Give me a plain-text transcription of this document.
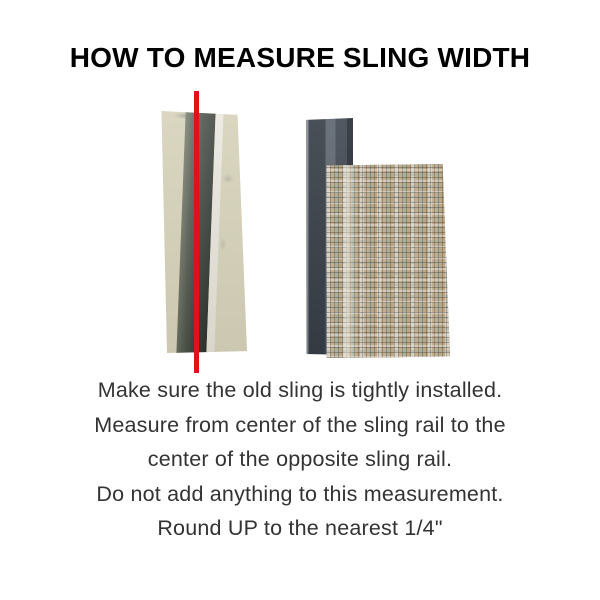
HOW TO MEASURE SLING WIDTH

Make sure the old sling is tightly installed.

Measure from center of the sling rail to the

center of the opposite sling rail.

Do not add anything to this measurement.

Round UP to the nearest 1/4"
